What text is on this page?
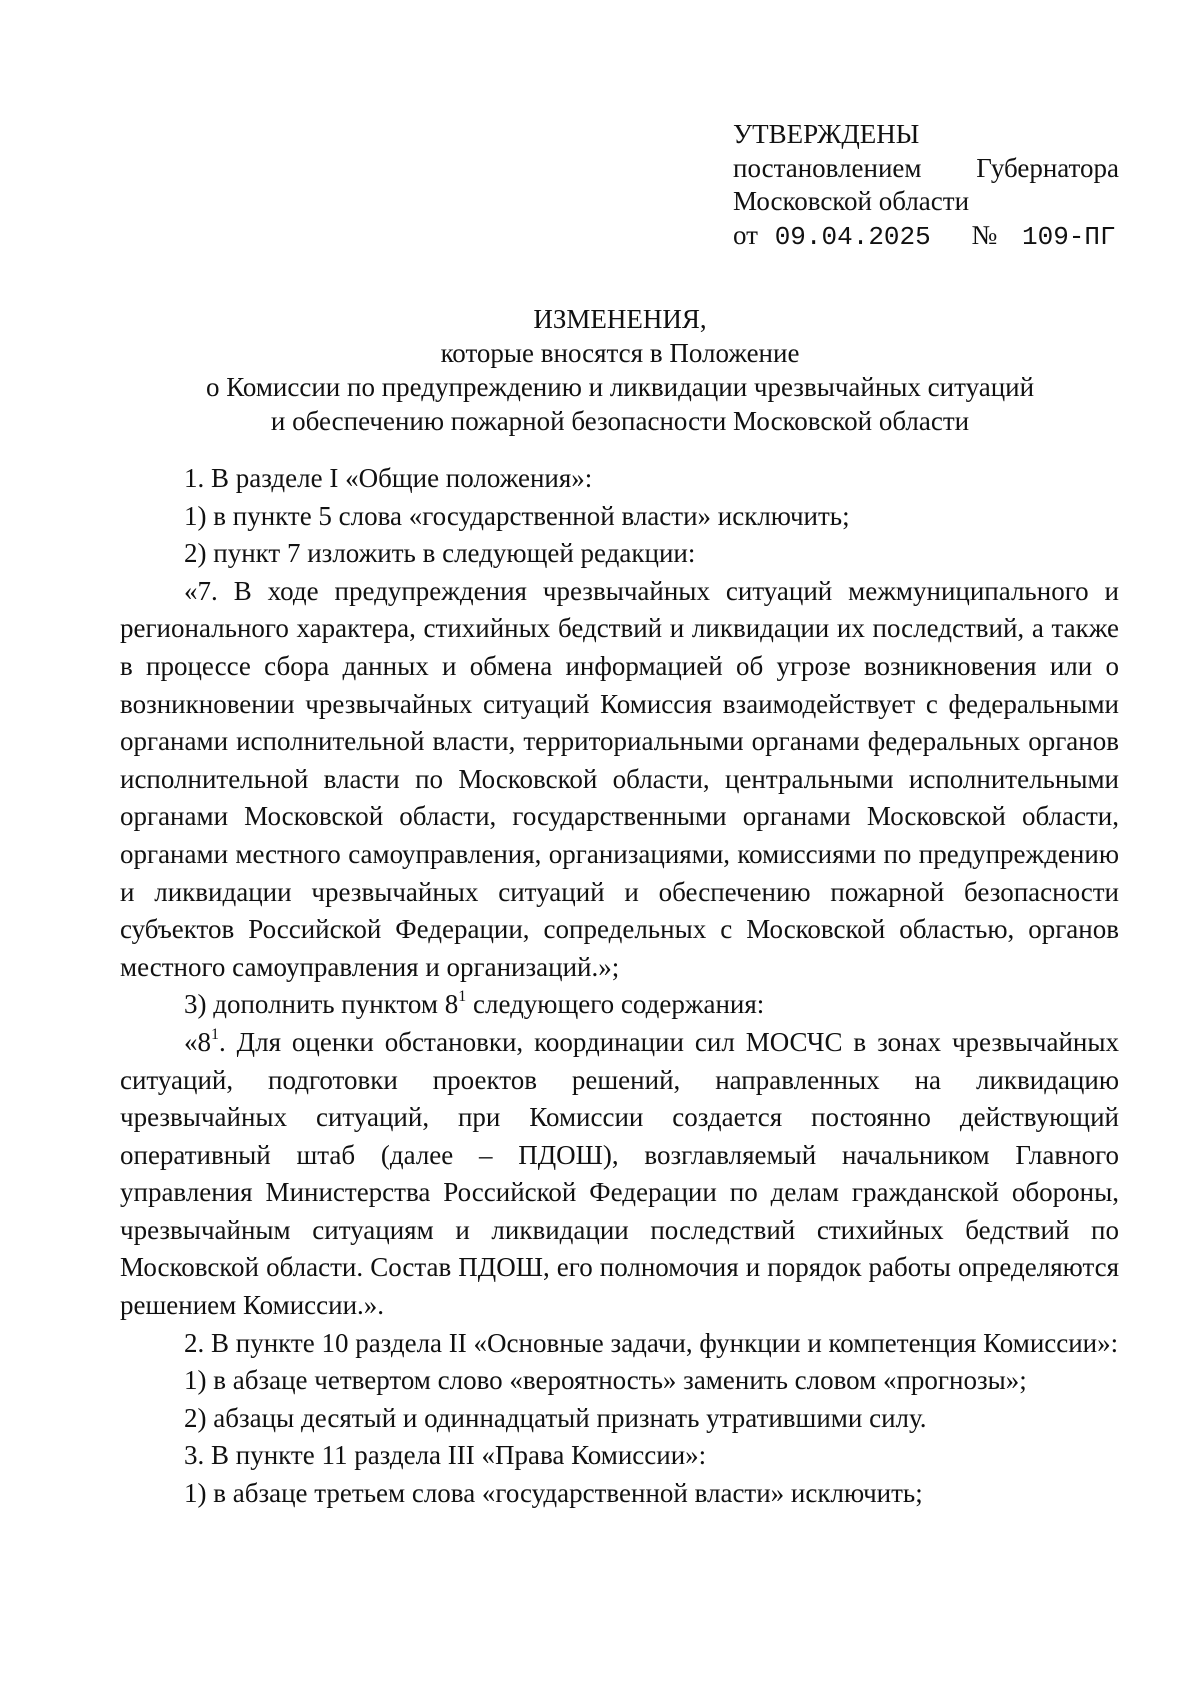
УТВЕРЖДЕНЫ
постановлением Губернатора
Московской области
от 09.04.2025 № 109-ПГ
ИЗМЕНЕНИЯ,
которые вносятся в Положение
о Комиссии по предупреждению и ликвидации чрезвычайных ситуаций
и обеспечению пожарной безопасности Московской области

1. В разделе I «Общие положения»:

1) в пункте 5 слова «государственной власти» исключить;

2) пункт 7 изложить в следующей редакции:

«7. В ходе предупреждения чрезвычайных ситуаций межмуниципального и регионального характера, стихийных бедствий и ликвидации их последствий, а также в процессе сбора данных и обмена информацией об угрозе возникновения или о возникновении чрезвычайных ситуаций Комиссия взаимодействует с федеральными органами исполнительной власти, территориальными органами федеральных органов исполнительной власти по Московской области, центральными исполнительными органами Московской области, государственными органами Московской области, органами местного самоуправления, организациями, комиссиями по предупреждению и ликвидации чрезвычайных ситуаций и обеспечению пожарной безопасности субъектов Российской Федерации, сопредельных с Московской областью, органов местного самоуправления и организаций.»;

3) дополнить пунктом $8^1$ следующего содержания:

«$8^1$. Для оценки обстановки, координации сил МОСЧС в зонах чрезвычайных ситуаций, подготовки проектов решений, направленных на ликвидацию чрезвычайных ситуаций, при Комиссии создается постоянно действующий оперативный штаб (далее – ПДОШ), возглавляемый начальником Главного управления Министерства Российской Федерации по делам гражданской обороны, чрезвычайным ситуациям и ликвидации последствий стихийных бедствий по Московской области. Состав ПДОШ, его полномочия и порядок работы определяются решением Комиссии.».

2. В пункте 10 раздела II «Основные задачи, функции и компетенция Комиссии»:

1) в абзаце четвертом слово «вероятность» заменить словом «прогнозы»;

2) абзацы десятый и одиннадцатый признать утратившими силу.

3. В пункте 11 раздела III «Права Комиссии»:

1) в абзаце третьем слова «государственной власти» исключить;
